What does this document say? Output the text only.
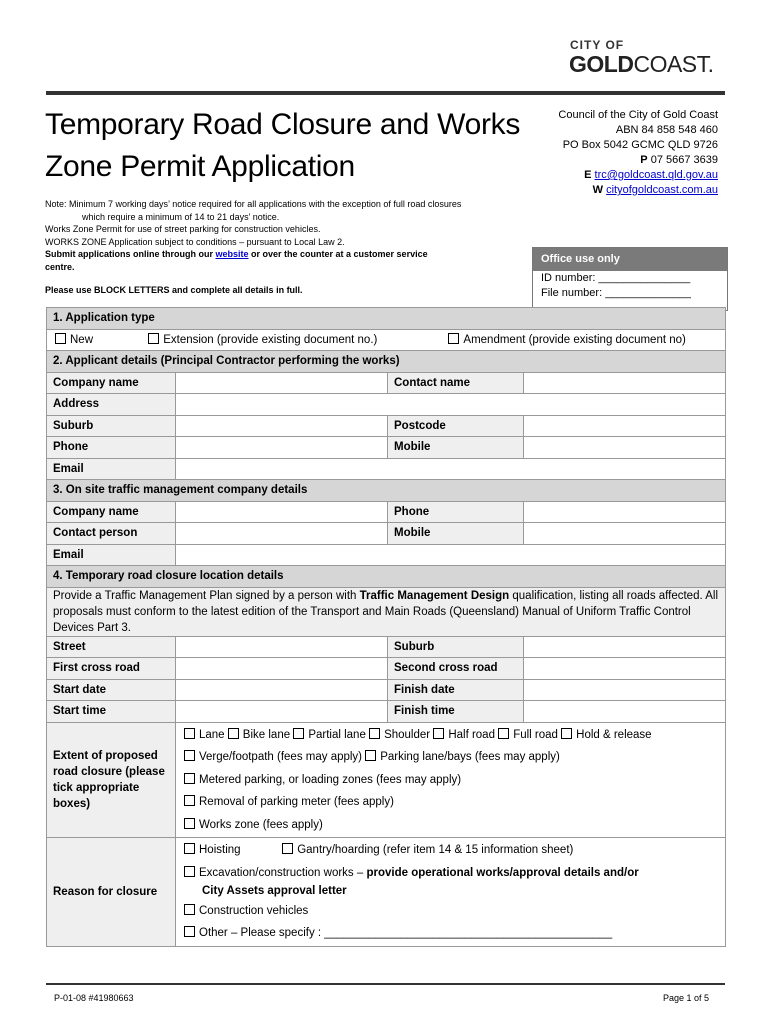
CITY OF
GOLDCOAST.
Temporary Road Closure and Works
Zone Permit Application
Council of the City of Gold Coast
ABN 84 858 548 460
PO Box 5042 GCMC QLD 9726
P 07 5667 3639
E trc@goldcoast.qld.gov.au
W cityofgoldcoast.com.au
Note: Minimum 7 working days’ notice required for all applications with the exception of full road closures
which require a minimum of 14 to 21 days’ notice.
Works Zone Permit for use of street parking for construction vehicles.
WORKS ZONE Application subject to conditions – pursuant to Local Law 2.
Submit applications online through our website or over the counter at a customer service
centre.
Please use BLOCK LETTERS and complete all details in full.
Office use only
ID number: _______________
File number: ______________
1. Application type			
New Extension (provide existing document no.) Amendment (provide existing document no)			
2. Applicant details (Principal Contractor performing the works)			
Company name		Contact name	
Address			
Suburb		Postcode	
Phone		Mobile	
Email			
3. On site traffic management company details			
Company name		Phone	
Contact person		Mobile	
Email			
4. Temporary road closure location details			
Provide a Traffic Management Plan signed by a person with Traffic Management Design qualification, listing all roads affected. All proposals must conform to the latest edition of the Transport and Main Roads (Queensland) Manual of Uniform Traffic Control Devices Part 3.			
Street		Suburb	
First cross road		Second cross road	
Start date		Finish date	
Start time		Finish time	
Extent of proposed road closure (please tick appropriate boxes)	Lane Bike lane Partial lane Shoulder Half road Full road Hold & release
Verge/footpath (fees may apply) Parking lane/bays (fees may apply)
Metered parking, or loading zones (fees may apply)
Removal of parking meter (fees apply)
Works zone (fees apply)		

Reason for closure	Hoisting Gantry/hoarding (refer item 14 & 15 information sheet)
Excavation/construction works – provide operational works/approval details and/or
City Assets approval letter
Construction vehicles
Other – Please specify : _____________________________________________		
P-01-08 #41980663	Page 1 of 5
